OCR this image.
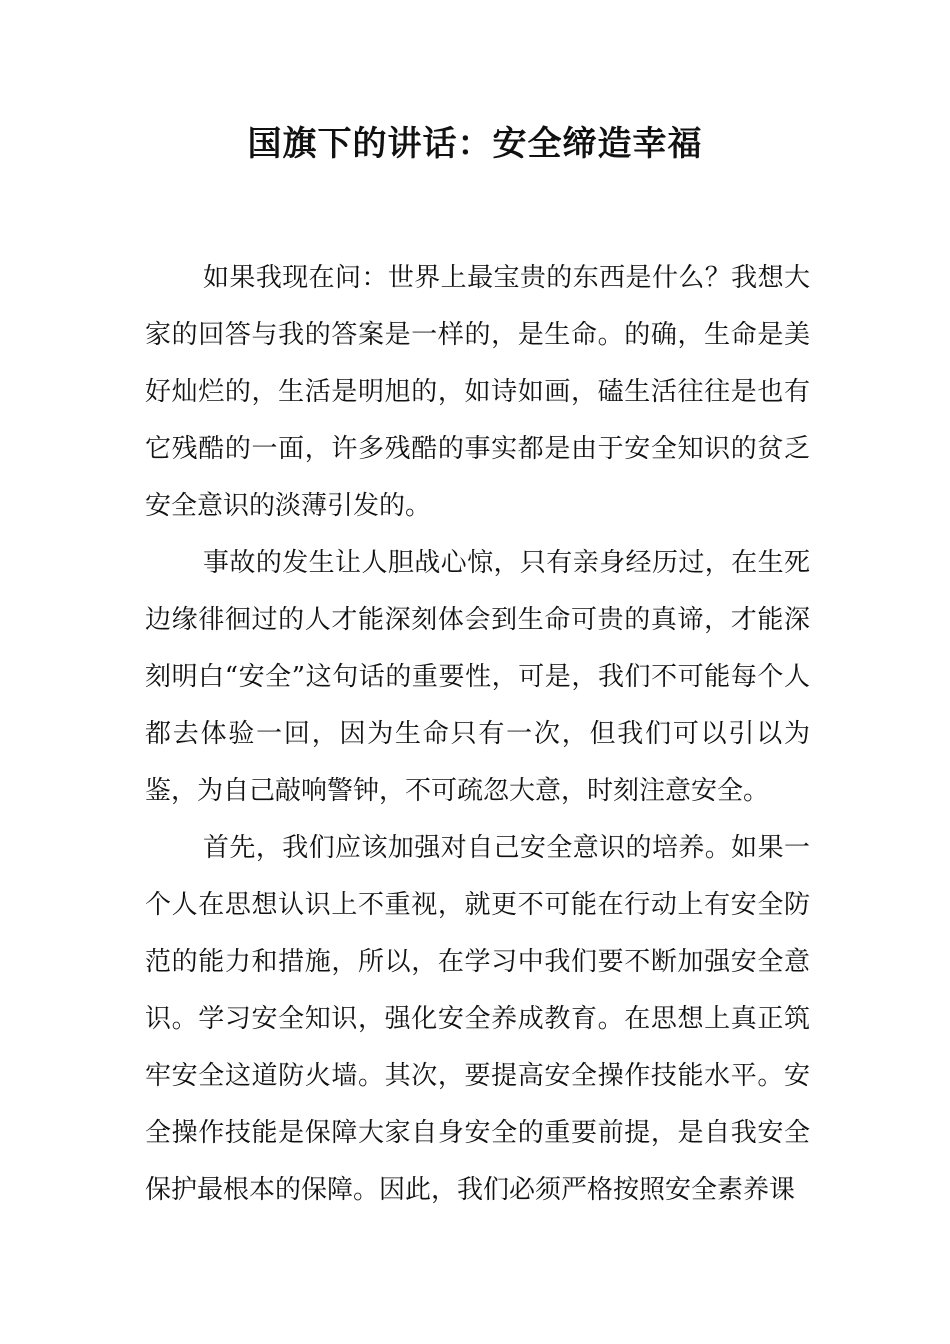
国旗下的讲话：安全缔造幸福

如果我现在问：世界上最宝贵的东西是什么？我想大家的回答与我的答案是一样的，是生命。的确，生命是美好灿烂的，生活是明旭的，如诗如画，磕生活往往是也有它残酷的一面，许多残酷的事实都是由于安全知识的贫乏安全意识的淡薄引发的。

事故的发生让人胆战心惊，只有亲身经历过，在生死边缘徘徊过的人才能深刻体会到生命可贵的真谛，才能深刻明白“安全”这句话的重要性，可是，我们不可能每个人都去体验一回，因为生命只有一次，但我们可以引以为鉴，为自己敲响警钟，不可疏忽大意，时刻注意安全。

首先，我们应该加强对自己安全意识的培养。如果一个人在思想认识上不重视，就更不可能在行动上有安全防范的能力和措施，所以，在学习中我们要不断加强安全意识。学习安全知识，强化安全养成教育。在思想上真正筑牢安全这道防火墙。其次，要提高安全操作技能水平。安全操作技能是保障大家自身安全的重要前提，是自我安全保护最根本的保障。因此，我们必须严格按照安全素养课
